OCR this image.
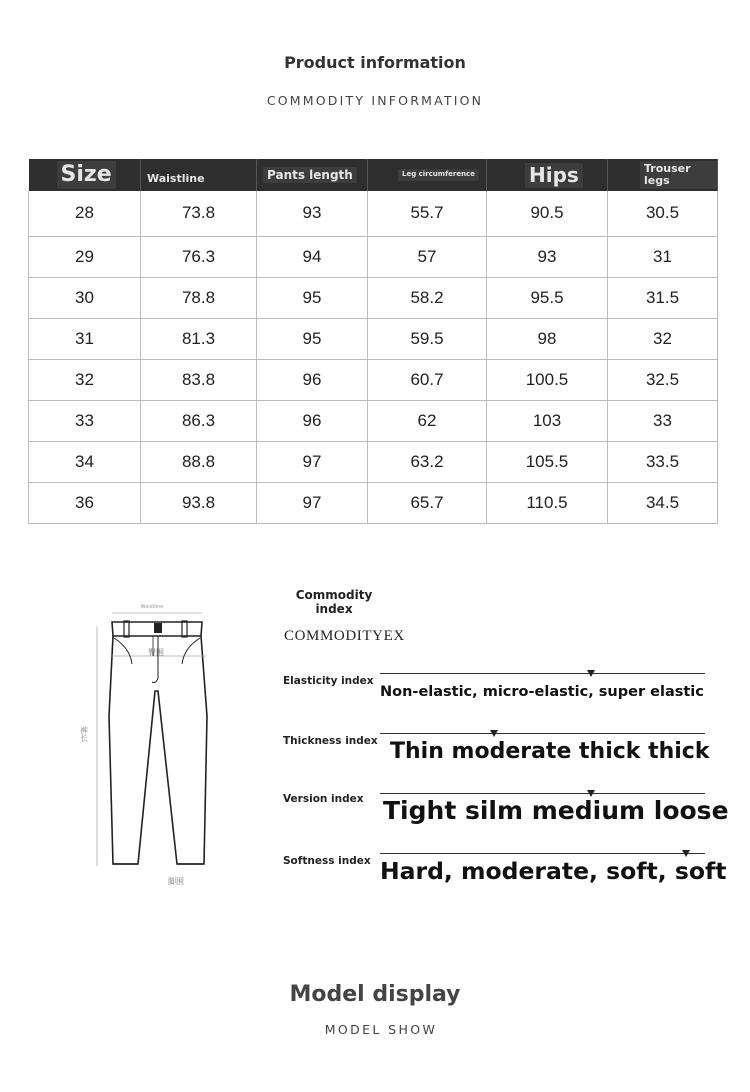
Product information
COMMODITY INFORMATION
Size	Waistline	Pants length	Leg circumference	Hips	Trouser legs
28	73.8	93	55.7	90.5	30.5
29	76.3	94	57	93	31
30	78.8	95	58.2	95.5	31.5
31	81.3	95	59.5	98	32
32	83.8	96	60.7	100.5	32.5
33	86.3	96	62	103	33
34	88.8	97	63.2	105.5	33.5
36	93.8	97	65.7	110.5	34.5
Waistline
裤长
臀围
脚围
Commodity index
COMMODITYEX
Elasticity index
Non-elastic, micro-elastic, super elastic
Thickness index Thin moderate thick thick
Version index Tight silm medium loose
Softness index Hard, moderate, soft, soft
Model display
MODEL SHOW
